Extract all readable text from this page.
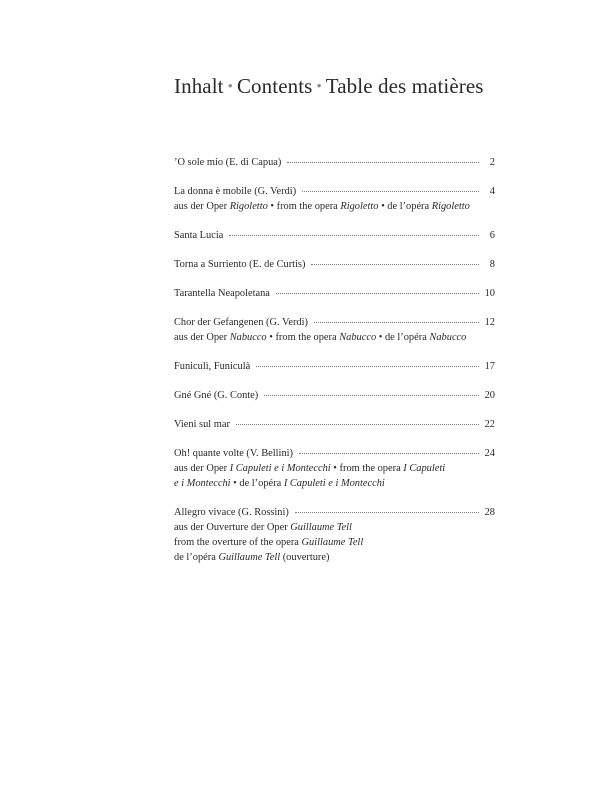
Inhalt • Contents • Table des matières
’O sole mio (E. di Capua)	2
La donna è mobile (G. Verdi)	4
aus der Oper Rigoletto • from the opera Rigoletto • de l’opéra Rigoletto
Santa Lucia	6
Torna a Surriento (E. de Curtis)	8
Tarantella Neapoletana	10
Chor der Gefangenen (G. Verdi)	12
aus der Oper Nabucco • from the opera Nabucco • de l’opéra Nabucco
Funiculì, Funiculà	17
Gné Gné (G. Conte)	20
Vieni sul mar	22
Oh! quante volte (V. Bellini)	24
aus der Oper I Capuleti e i Montecchi • from the opera I Capuleti
e i Montecchi • de l’opéra I Capuleti e i Montecchi
Allegro vivace (G. Rossini)	28
aus der Ouverture der Oper Guillaume Tell
from the overture of the opera Guillaume Tell
de l’opéra Guillaume Tell (ouverture)
